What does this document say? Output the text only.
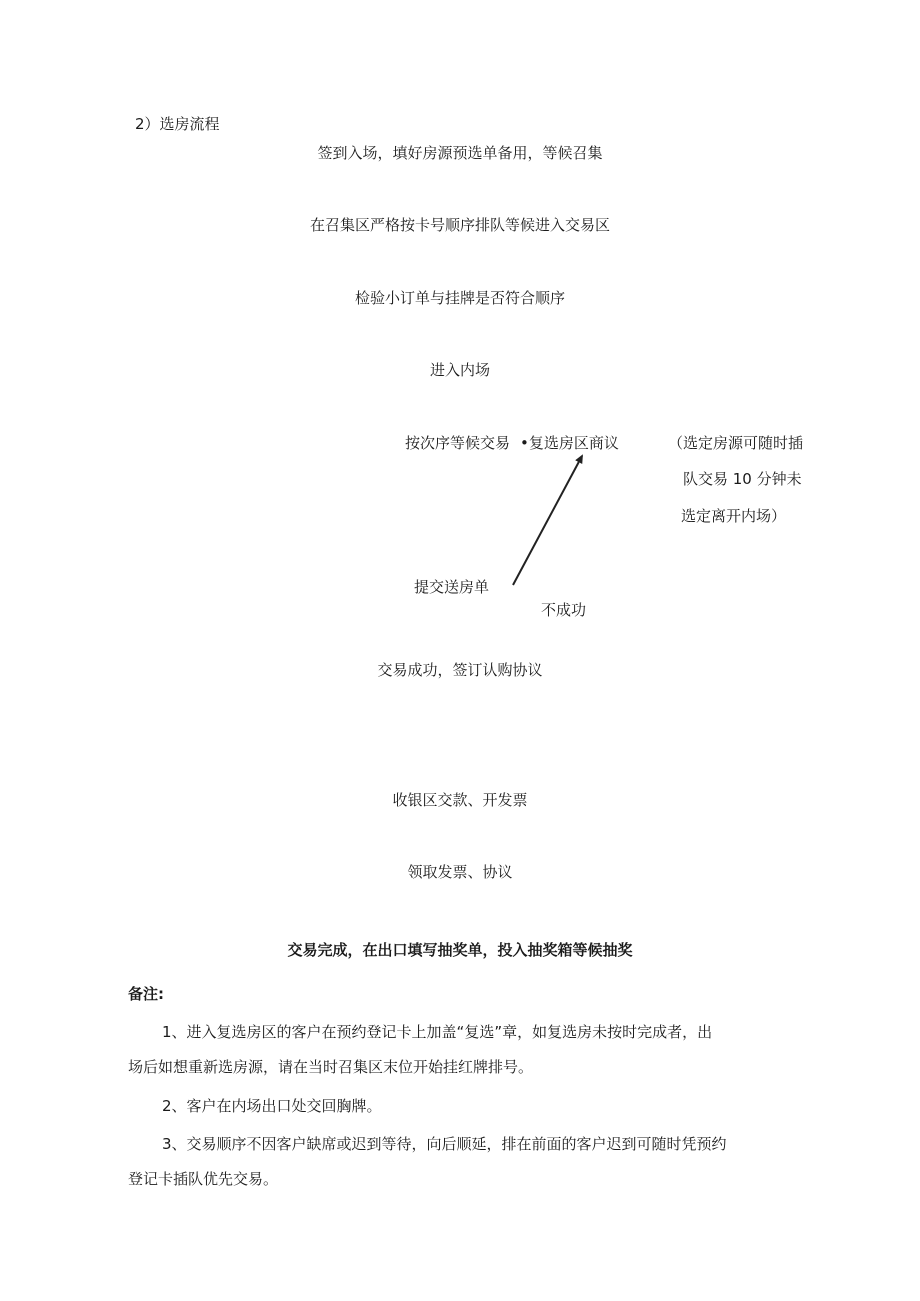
2）选房流程
签到入场，填好房源预选单备用，等候召集
在召集区严格按卡号顺序排队等候进入交易区
检验小订单与挂牌是否符合顺序
进入内场
按次序等候交易 •复选房区商议	（选定房源可随时插
队交易 10 分钟未
选定离开内场）
提交送房单
不成功
交易成功，签订认购协议
收银区交款、开发票
领取发票、协议
交易完成，在出口填写抽奖单，投入抽奖箱等候抽奖
备注:
1、进入复选房区的客户在预约登记卡上加盖“复选”章，如复选房未按时完成者，出
场后如想重新选房源，请在当时召集区末位开始挂红牌排号。
2、客户在内场出口处交回胸牌。
3、交易顺序不因客户缺席或迟到等待，向后顺延，排在前面的客户迟到可随时凭预约
登记卡插队优先交易。
